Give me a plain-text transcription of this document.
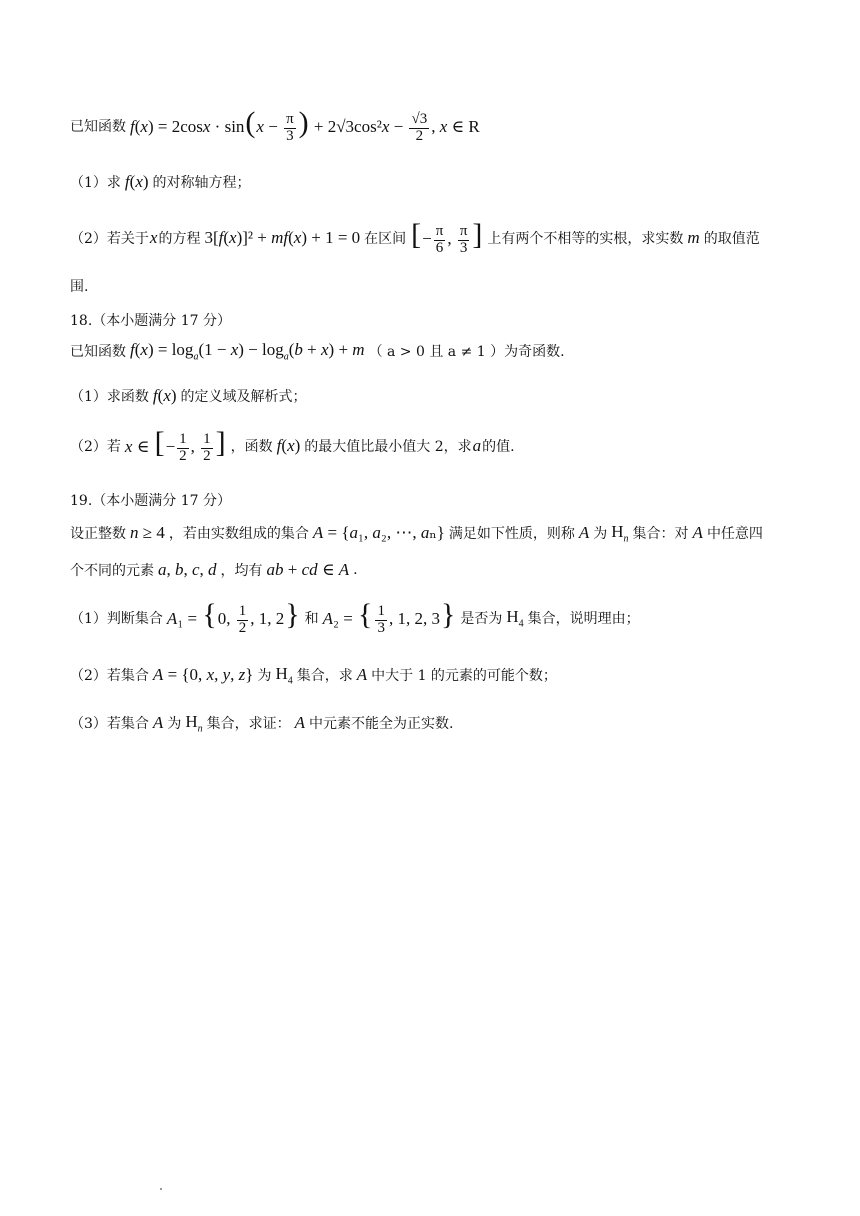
已知函数 $f(x) = 2\cos x \cdot \sin(x - \frac{\pi}{3}$ ) + $2√3\cos^2x - \frac{√3}{2}$ , x ∈ R
（1）求 f(x) 的对称轴方程；
（2）若关于 x 的方程 3[f(x)]² + mf(x) + 1 = 0 在区间 [− $\frac{\pi}{6}$ , $\frac{\pi}{3}$ ] 上有两个不相等的实根，求实数 m 的取值范
围.
18.（本小题满分 17 分）
已知函数 $f(x) = \log_a(1 - x) - \log_a(b + x) + m$ （ a > 0 且 a ≠ 1 ）为奇函数.
（1）求函数 f(x) 的定义域及解析式；
（2）若 x ∈ [− $\frac{1}{2}$ , $\frac{1}{2}$ ] ，函数 f(x) 的最大值比最小值大 2，求 a 的值.
19.（本小题满分 17 分）
设正整数 n ≥ 4 ，若由实数组成的集合 A = {a₁, a₂, ⋯, aₙ} 满足如下性质，则称 A 为 $H_n$ 集合：对 A 中任意四
个不同的元素 a, b, c, d ，均有 ab + cd ∈ A .
（1）判断集合 A₁ = {0, $\frac{1}{2}$ , 1, 2} 和 A₂ = { $\frac{1}{3}$ , 1, 2, 3} 是否为 $H_4$ 集合，说明理由；
（2）若集合 A = {0, x, y, z} 为 $H_4$ 集合，求 A 中大于 1 的元素的可能个数；
（3）若集合 A 为 $H_n$ 集合，求证： A 中元素不能全为正实数.
